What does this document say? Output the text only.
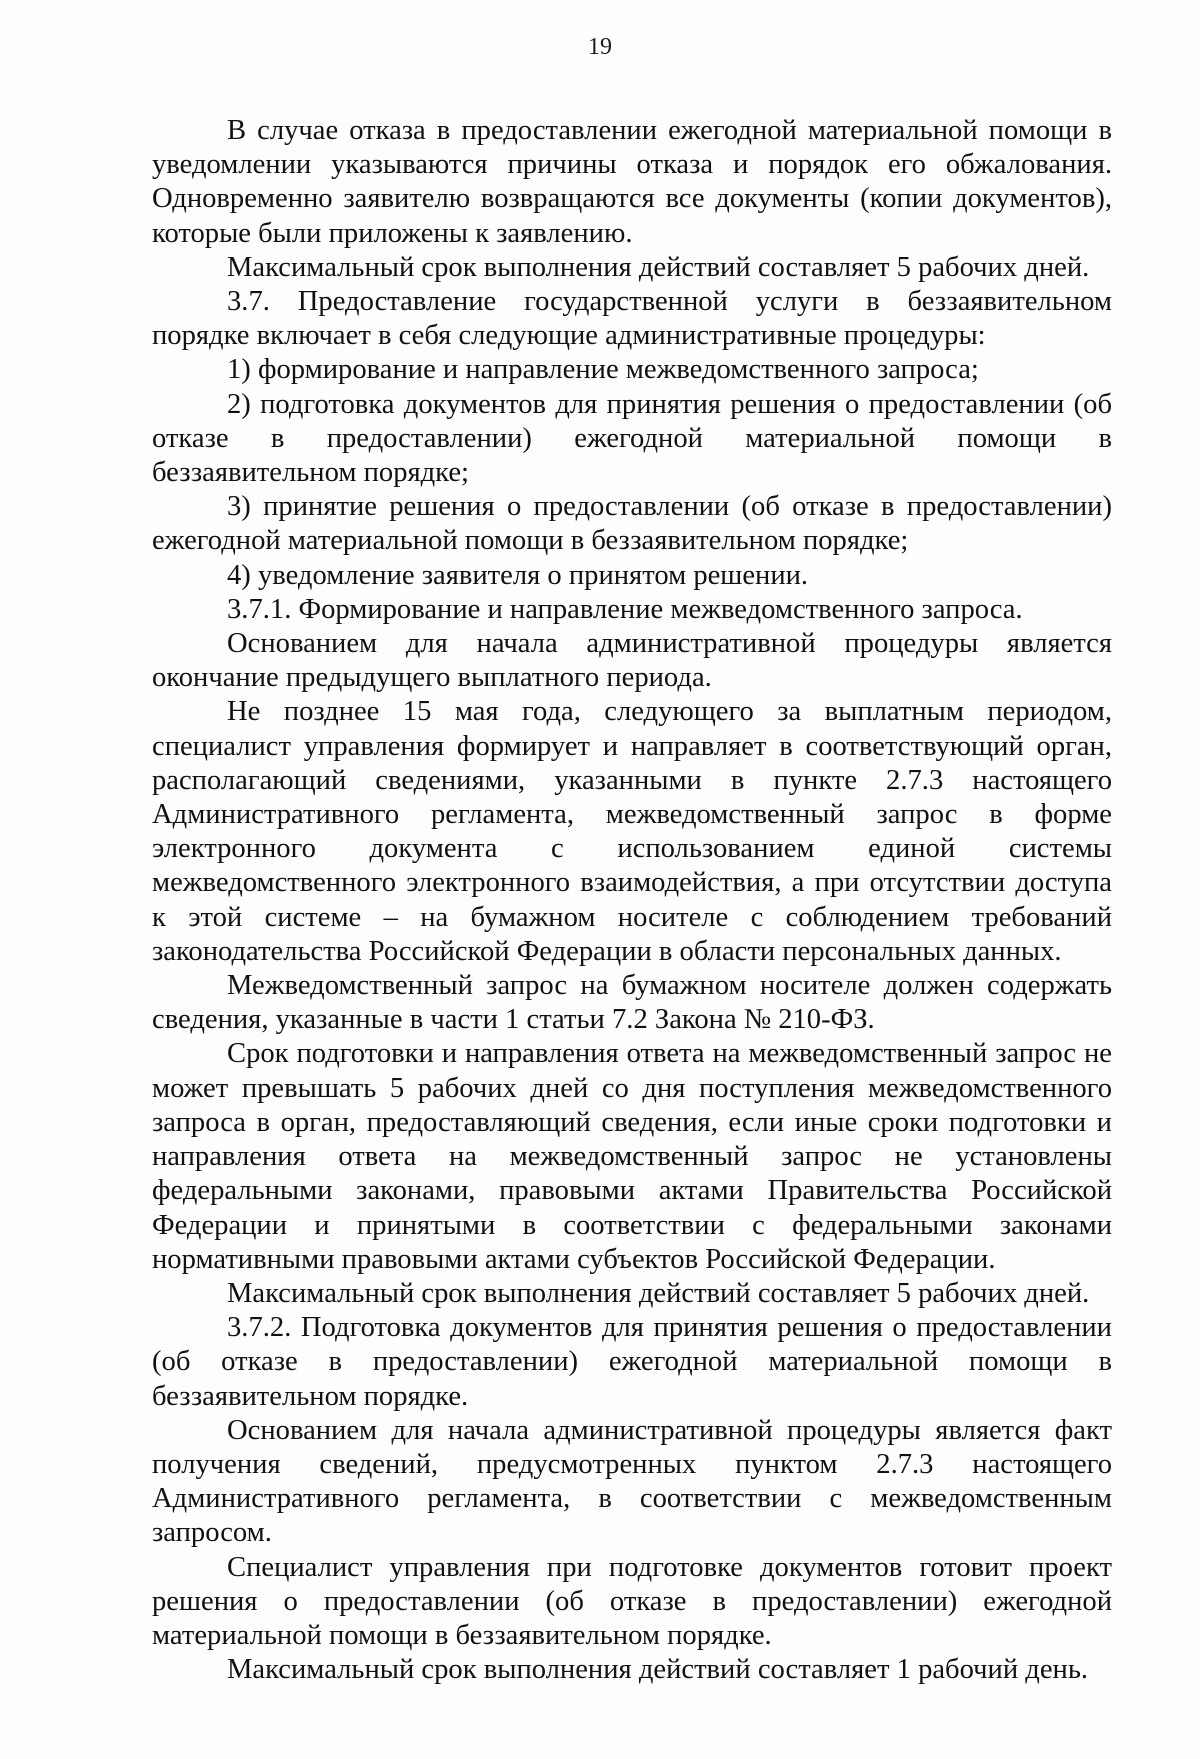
19

В случае отказа в предоставлении ежегодной материальной помощи в уведомлении указываются причины отказа и порядок его обжалования. Одновременно заявителю возвращаются все документы (копии документов), которые были приложены к заявлению.

Максимальный срок выполнения действий составляет 5 рабочих дней.

3.7. Предоставление государственной услуги в беззаявительном порядке включает в себя следующие административные процедуры:

1) формирование и направление межведомственного запроса;

2) подготовка документов для принятия решения о предоставлении (об отказе в предоставлении) ежегодной материальной помощи в беззаявительном порядке;

3) принятие решения о предоставлении (об отказе в предоставлении) ежегодной материальной помощи в беззаявительном порядке;

4) уведомление заявителя о принятом решении.

3.7.1. Формирование и направление межведомственного запроса.

Основанием для начала административной процедуры является окончание предыдущего выплатного периода.

Не позднее 15 мая года, следующего за выплатным периодом, специалист управления формирует и направляет в соответствующий орган, располагающий сведениями, указанными в пункте 2.7.3 настоящего Административного регламента, межведомственный запрос в форме электронного документа с использованием единой системы межведомственного электронного взаимодействия, а при отсутствии доступа к этой системе – на бумажном носителе с соблюдением требований законодательства Российской Федерации в области персональных данных.

Межведомственный запрос на бумажном носителе должен содержать сведения, указанные в части 1 статьи 7.2 Закона № 210-ФЗ.

Срок подготовки и направления ответа на межведомственный запрос не может превышать 5 рабочих дней со дня поступления межведомственного запроса в орган, предоставляющий сведения, если иные сроки подготовки и направления ответа на межведомственный запрос не установлены федеральными законами, правовыми актами Правительства Российской Федерации и принятыми в соответствии с федеральными законами нормативными правовыми актами субъектов Российской Федерации.

Максимальный срок выполнения действий составляет 5 рабочих дней.

3.7.2. Подготовка документов для принятия решения о предоставлении (об отказе в предоставлении) ежегодной материальной помощи в беззаявительном порядке.

Основанием для начала административной процедуры является факт получения сведений, предусмотренных пунктом 2.7.3 настоящего Административного регламента, в соответствии с межведомственным запросом.

Специалист управления при подготовке документов готовит проект решения о предоставлении (об отказе в предоставлении) ежегодной материальной помощи в беззаявительном порядке.

Максимальный срок выполнения действий составляет 1 рабочий день.
